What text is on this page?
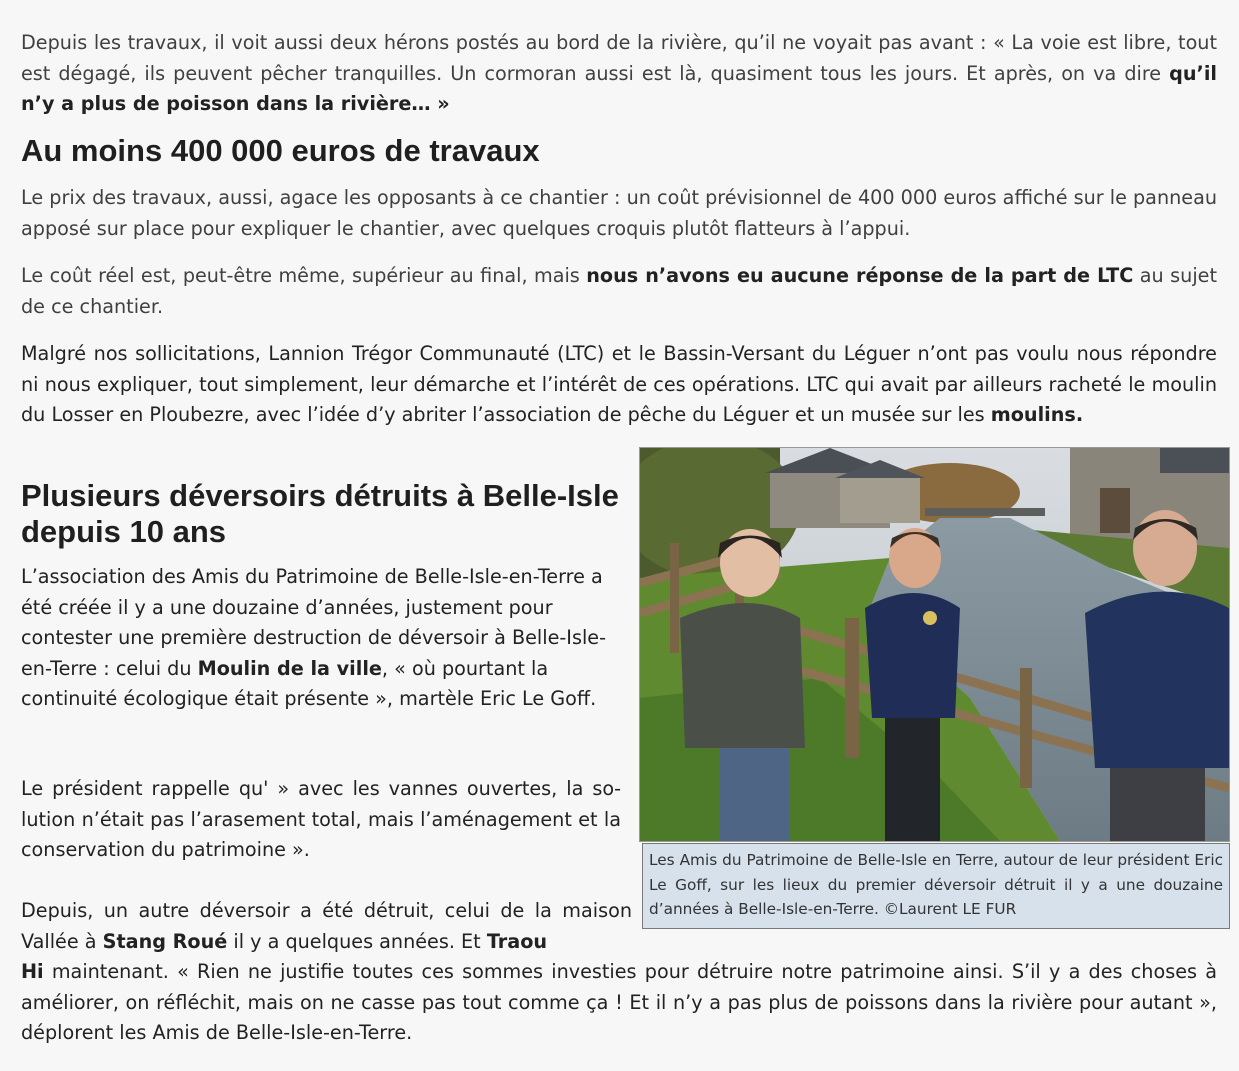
Depuis les travaux, il voit aussi deux hérons postés au bord de la rivière, qu’il ne voyait pas avant : « La voie est libre, tout est dégagé, ils peuvent pêcher tranquilles. Un cormoran aussi est là, quasiment tous les jours. Et après, on va dire qu’il n’y a plus de poisson dans la rivière… »

Au moins 400 000 euros de travaux

Le prix des travaux, aussi, agace les opposants à ce chantier : un coût prévisionnel de 400 000 euros affiché sur le panneau apposé sur place pour expliquer le chantier, avec quelques croquis plutôt flatteurs à l’appui.

Le coût réel est, peut-être même, supérieur au final, mais nous n’avons eu aucune réponse de la part de LTC au sujet de ce chantier.

Malgré nos sollicitations, Lannion Trégor Communauté (LTC) et le Bassin-Versant du Léguer n’ont pas voulu nous répondre ni nous expliquer, tout simplement, leur démarche et l’intérêt de ces opérations. LTC qui avait par ailleurs racheté le moulin du Losser en Ploubezre, avec l’idée d’y abriter l’association de pêche du Léguer et un musée sur les moulins.

Plusieurs déversoirs détruits à Belle-Isle depuis 10 ans

L’association des Amis du Patrimoine de Belle-Isle-en-Terre a été créée il y a une douzaine d’années, justement pour contester une première destruction de déversoir à Belle-Isle-en-Terre : celui du Moulin de la ville, « où pourtant la continuité écologique était présente », martèle Eric Le Goff.

Le président rappelle qu' » avec les vannes ouvertes, la solution n’était pas l’arasement total, mais l’aménagement et la conservation du patrimoine ».

Depuis, un autre déversoir a été détruit, celui de la maison Vallée à Stang Roué il y a quelques années. Et Traou

Hi maintenant. « Rien ne justifie toutes ces sommes investies pour détruire notre patrimoine ainsi. S’il y a des choses à améliorer, on réfléchit, mais on ne casse pas tout comme ça ! Et il n’y a pas plus de poissons dans la rivière pour autant », déplorent les Amis de Belle-Isle-en-Terre.

Les Amis du Patrimoine de Belle-Isle en Terre, autour de leur président Eric Le Goff, sur les lieux du premier déversoir détruit il y a une douzaine d’années à Belle-Isle-en-Terre. ©Laurent LE FUR
